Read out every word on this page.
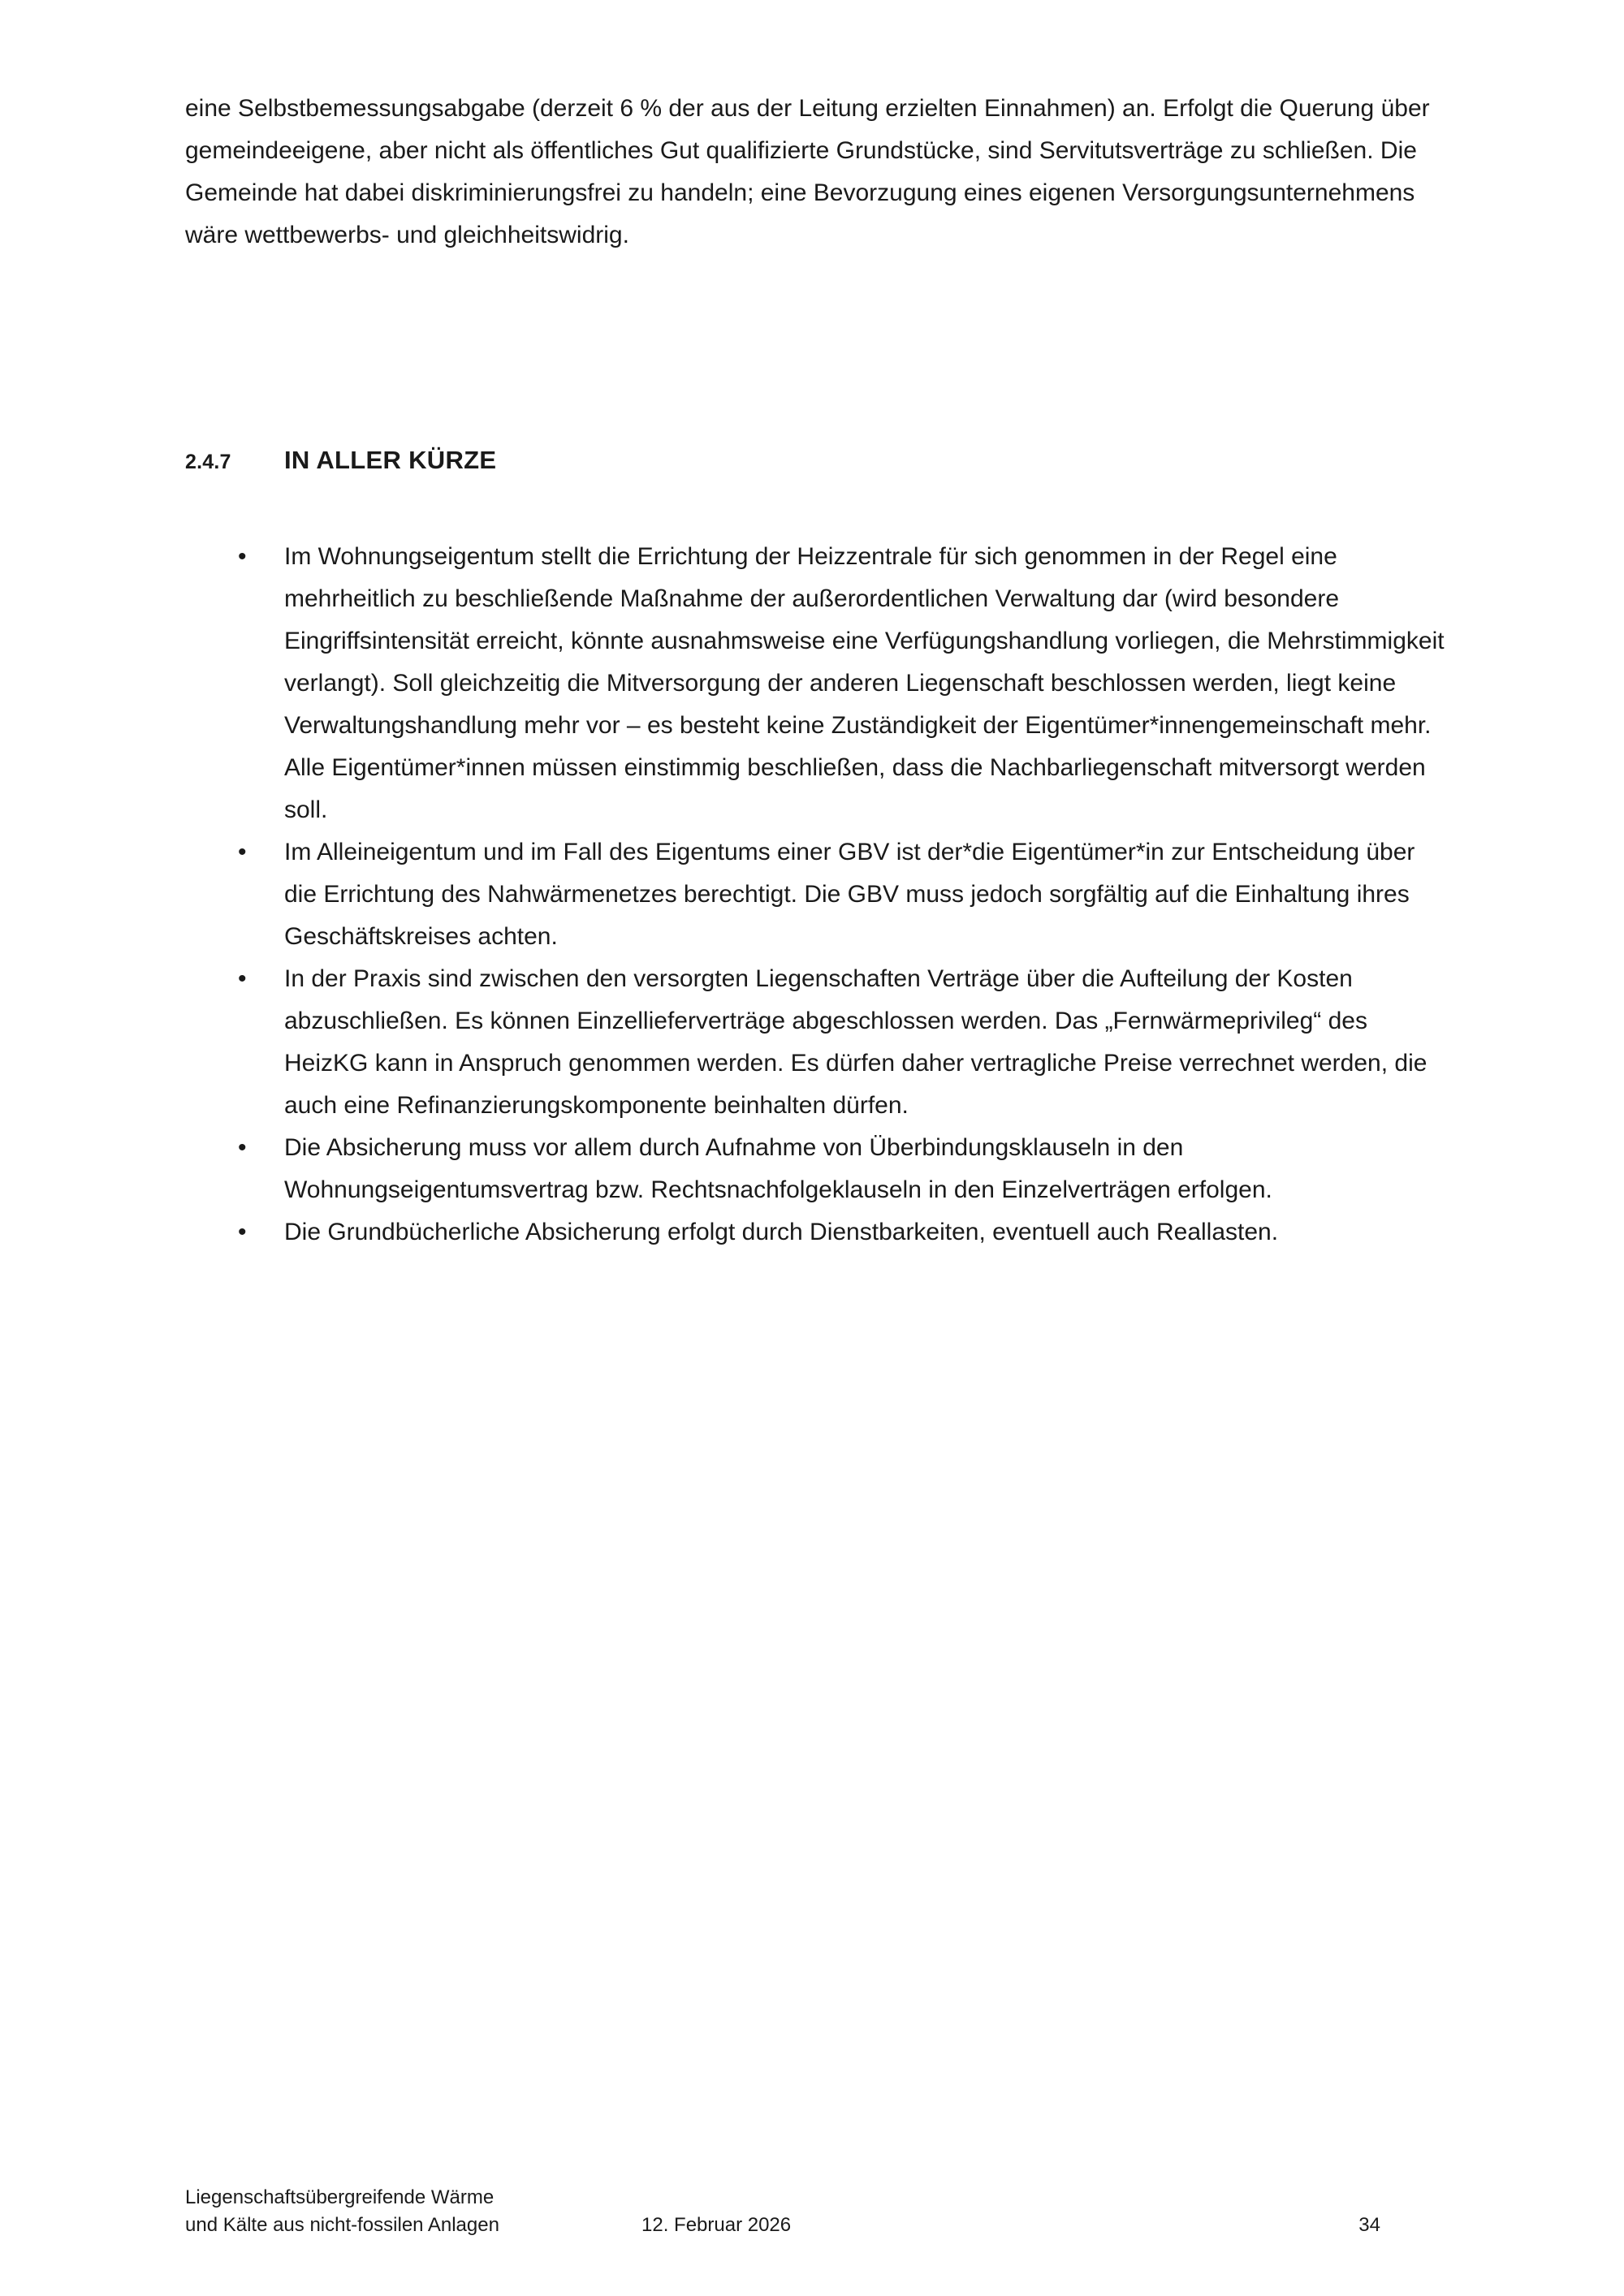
eine Selbstbemessungsabgabe (derzeit 6 % der aus der Leitung erzielten Einnahmen) an. Erfolgt die Querung über gemeindeeigene, aber nicht als öffentliches Gut qualifizierte Grundstücke, sind Servitutsverträge zu schließen. Die Gemeinde hat dabei diskriminierungsfrei zu handeln; eine Bevorzugung eines eigenen Versorgungsunternehmens wäre wettbewerbs- und gleichheitswidrig.

2.4.7	IN ALLER KÜRZE
• Im Wohnungseigentum stellt die Errichtung der Heizzentrale für sich genommen in der Regel eine mehrheitlich zu beschließende Maßnahme der außerordentlichen Verwaltung dar (wird besondere Eingriffsintensität erreicht, könnte ausnahmsweise eine Verfügungshandlung vorliegen, die Mehrstimmigkeit verlangt). Soll gleichzeitig die Mitversorgung der anderen Liegenschaft beschlossen werden, liegt keine Verwaltungshandlung mehr vor – es besteht keine Zuständigkeit der Eigentümer*innengemeinschaft mehr. Alle Eigentümer*innen müssen einstimmig beschließen, dass die Nachbarliegenschaft mitversorgt werden soll.
• Im Alleineigentum und im Fall des Eigentums einer GBV ist der*die Eigentümer*in zur Entscheidung über die Errichtung des Nahwärmenetzes berechtigt. Die GBV muss jedoch sorgfältig auf die Einhaltung ihres Geschäftskreises achten.
• In der Praxis sind zwischen den versorgten Liegenschaften Verträge über die Aufteilung der Kosten abzuschließen. Es können Einzellieferverträge abgeschlossen werden. Das „Fernwärmeprivileg“ des HeizKG kann in Anspruch genommen werden. Es dürfen daher vertragliche Preise verrechnet werden, die auch eine Refinanzierungskomponente beinhalten dürfen.
• Die Absicherung muss vor allem durch Aufnahme von Überbindungsklauseln in den Wohnungseigentumsvertrag bzw. Rechtsnachfolgeklauseln in den Einzelverträgen erfolgen.
• Die Grundbücherliche Absicherung erfolgt durch Dienstbarkeiten, eventuell auch Reallasten.
Liegenschaftsübergreifende Wärme
und Kälte aus nicht-fossilen Anlagen	12. Februar 2026	34
